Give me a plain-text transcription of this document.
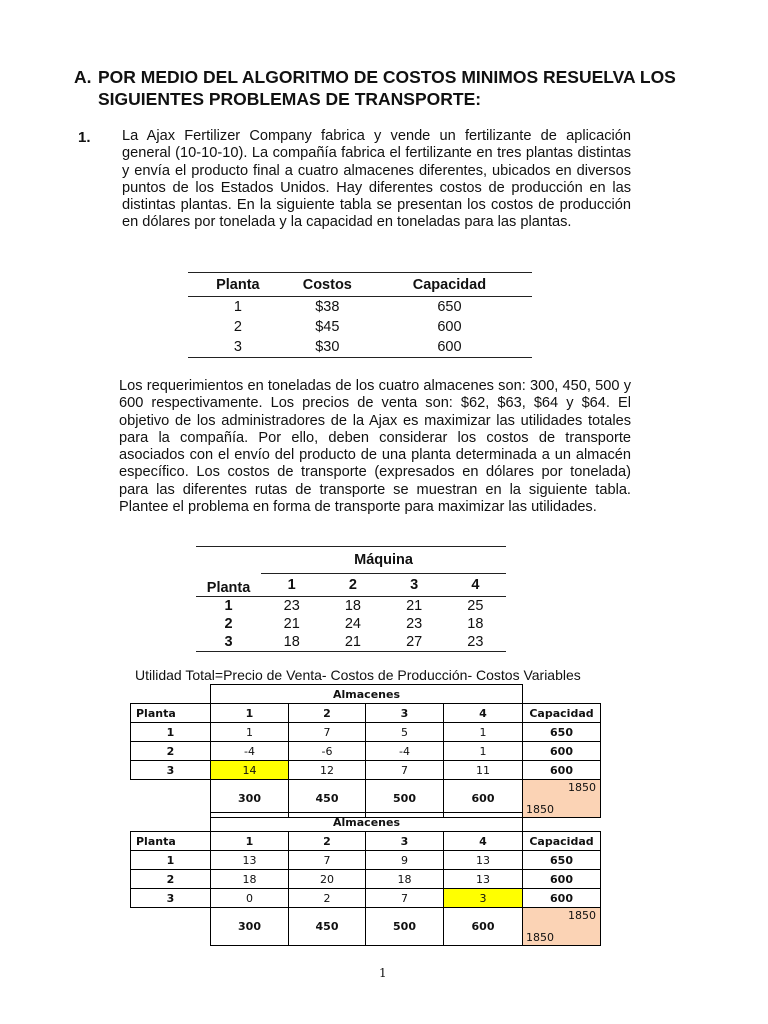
A. POR MEDIO DEL ALGORITMO DE COSTOS MINIMOS RESUELVA LOS
SIGUIENTES PROBLEMAS DE TRANSPORTE:
1. La Ajax Fertilizer Company fabrica y vende un fertilizante de aplicación general (10-10-10). La compañía fabrica el fertilizante en tres plantas distintas y envía el producto final a cuatro almacenes diferentes, ubicados en diversos puntos de los Estados Unidos. Hay diferentes costos de producción en las distintas plantas. En la siguiente tabla se presentan los costos de producción en dólares por tonelada y la capacidad en toneladas para las plantas.

Planta	Costos	Capacidad
1	$38	650
2	$45	600
3	$30	600

Los requerimientos en toneladas de los cuatro almacenes son: 300, 450, 500 y 600 respectivamente. Los precios de venta son: $62, $63, $64 y $64. El objetivo de los administradores de la Ajax es maximizar las utilidades totales para la compañía. Por ello, deben considerar los costos de transporte asociados con el envío del producto de una planta determinada a un almacén específico. Los costos de transporte (expresados en dólares por tonelada) para las diferentes rutas de transporte se muestran en la siguiente tabla. Plantee el problema en forma de transporte para maximizar las utilidades.

	Máquina			
Planta	1	2	3	4
1	23	18	21	25
2	21	24	23	18
3	18	21	27	23
Utilidad Total=Precio de Venta- Costos de Producción- Costos Variables
	Almacenes				
Planta	1	2	3	4	Capacidad
1	1	7	5	1	650
2	-4	-6	-4	1	600
3	14	12	7	11	600
	300	450	500	600	1850
1850
	Almacenes				
Planta	1	2	3	4	Capacidad
1	13	7	9	13	650
2	18	20	18	13	600
3	0	2	7	3	600
	300	450	500	600	1850
1850
1
